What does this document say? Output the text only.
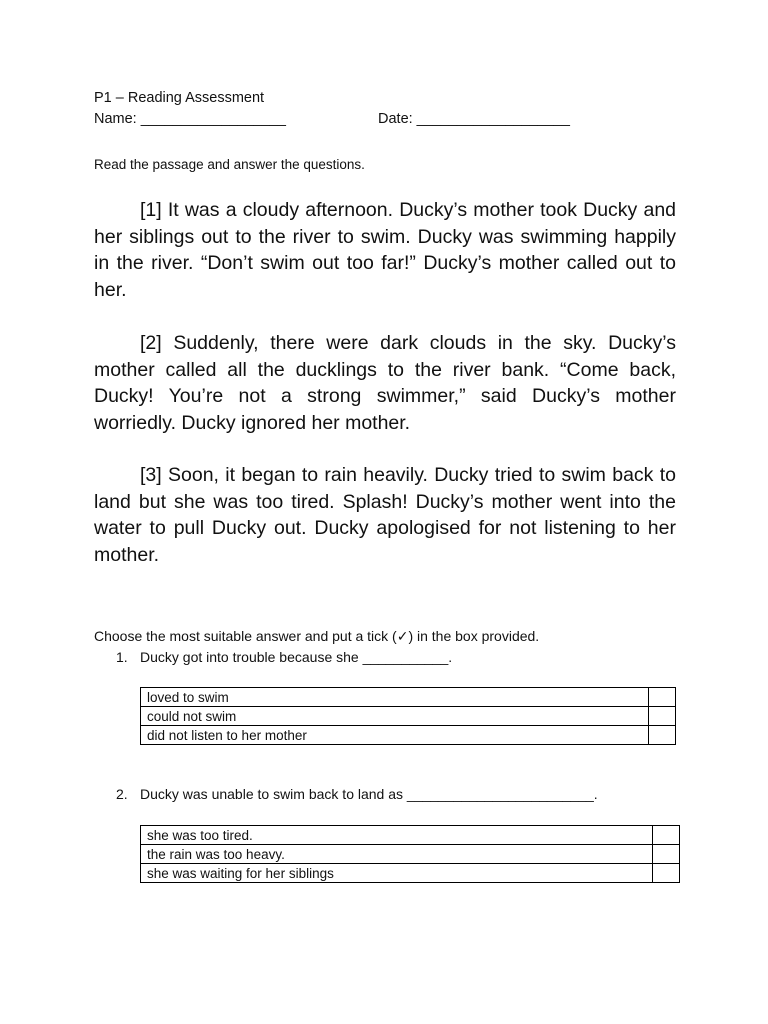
P1 – Reading Assessment
Name: __________________	Date: ___________________
Read the passage and answer the questions.

[1] It was a cloudy afternoon. Ducky’s mother took Ducky and her siblings out to the river to swim. Ducky was swimming happily in the river. “Don’t swim out too far!” Ducky’s mother called out to her.

[2] Suddenly, there were dark clouds in the sky. Ducky’s mother called all the ducklings to the river bank. “Come back, Ducky! You’re not a strong swimmer,” said Ducky’s mother worriedly. Ducky ignored her mother.

[3] Soon, it began to rain heavily. Ducky tried to swim back to land but she was too tired. Splash! Ducky’s mother went into the water to pull Ducky out. Ducky apologised for not listening to her mother.

Choose the most suitable answer and put a tick (✓) in the box provided.
1. Ducky got into trouble because she ___________.
loved to swim	
could not swim	
did not listen to her mother	
2. Ducky was unable to swim back to land as ________________________.
she was too tired.	
the rain was too heavy.	
she was waiting for her siblings	
